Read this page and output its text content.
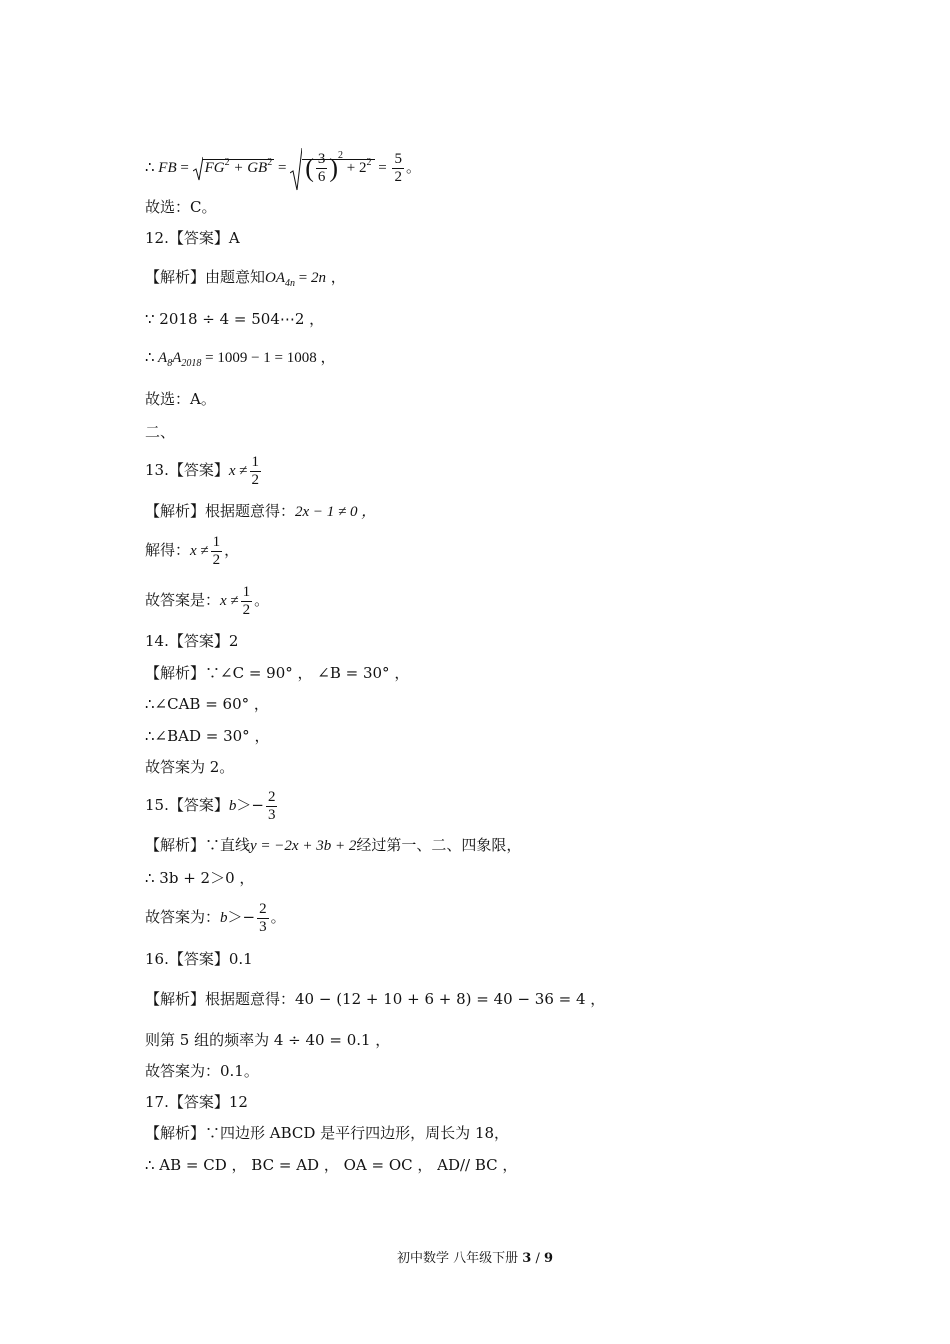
∴ FB = $FG^2 + GB^2$ = ( $\frac{3}{6} )^2 + 2^2 = \frac{5}{2}$ 。
故选：C。
12.【答案】A
【解析】由题意知$OA_{4n} = 2n$ ，
∵ 2018 ÷ 4 = 504⋯2 ，
∴ $A_8A_{2018} = 1009 - 1 = 1008$ ，
故选：A。
二、
13.【答案】$x \ne \frac{1}{2}$
【解析】根据题意得：2x − 1 ≠ 0 ，
解得：$x \ne \frac{1}{2}$ ，
故答案是：$x \ne \frac{1}{2}$ 。
14.【答案】2
【解析】∵∠C = 90° ， ∠B = 30° ，
∴∠CAB = 60° ，
∴∠BAD = 30° ，
故答案为 2。
15.【答案】$b>- \frac{2}{3}$
【解析】∵直线y = −2x + 3b + 2经过第一、二、四象限，
∴ 3b + 2＞0 ，
故答案为：$b>- \frac{2}{3}$ 。
16.【答案】0.1
【解析】根据题意得：40 − (12 + 10 + 6 + 8) = 40 − 36 = 4 ，
则第 5 组的频率为 4 ÷ 40 = 0.1 ，
故答案为：0.1。
17.【答案】12
【解析】∵四边形 ABCD 是平行四边形，周长为 18，
∴ AB = CD ， BC = AD ， OA = OC ， AD// BC ，
初中数学 八年级下册 3 / 9
